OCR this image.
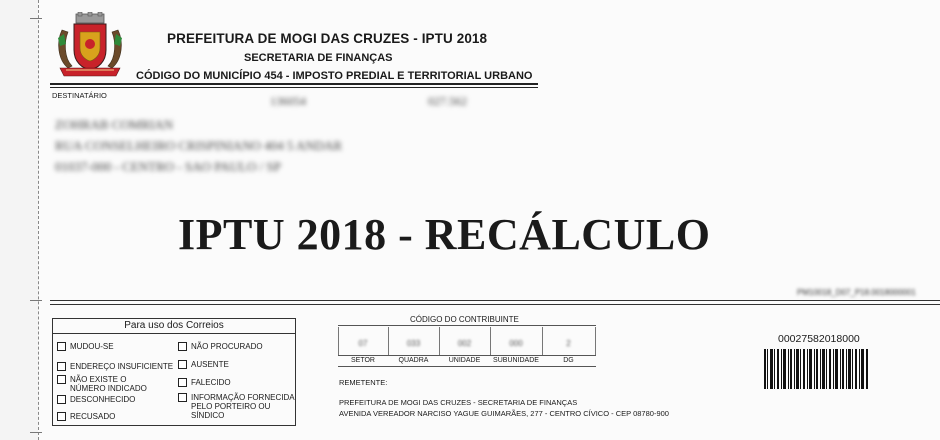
PREFEITURA DE MOGI DAS CRUZES - IPTU 2018
SECRETARIA DE FINANÇAS
CÓDIGO DO MUNICÍPIO 454 - IMPOSTO PREDIAL E TERRITORIAL URBANO
DESTINATÁRIO	136054	027.562
ZOHRAB COMRIAN
RUA CONSELHEIRO CRISPINIANO 404 5 ANDAR
01037-000 - CENTRO - SAO PAULO / SP
IPTU 2018 - RECÁLCULO
PM10018_D07_P18.0018000001
Para uso dos Correios
MUDOU-SE
ENDEREÇO INSUFICIENTE
NÃO EXISTE O
NÚMERO INDICADO
DESCONHECIDO
RECUSADO
NÃO PROCURADO
AUSENTE
FALECIDO
INFORMAÇÃO FORNECIDA
PELO PORTEIRO OU SÍNDICO
CÓDIGO DO CONTRIBUINTE
07	033	002	000	2
SETOR	QUADRA	UNIDADE	SUBUNIDADE	DG
REMETENTE:
PREFEITURA DE MOGI DAS CRUZES - SECRETARIA DE FINANÇAS
AVENIDA VEREADOR NARCISO YAGUE GUIMARÃES, 277 - CENTRO CÍVICO - CEP 08780-900
00027582018000
